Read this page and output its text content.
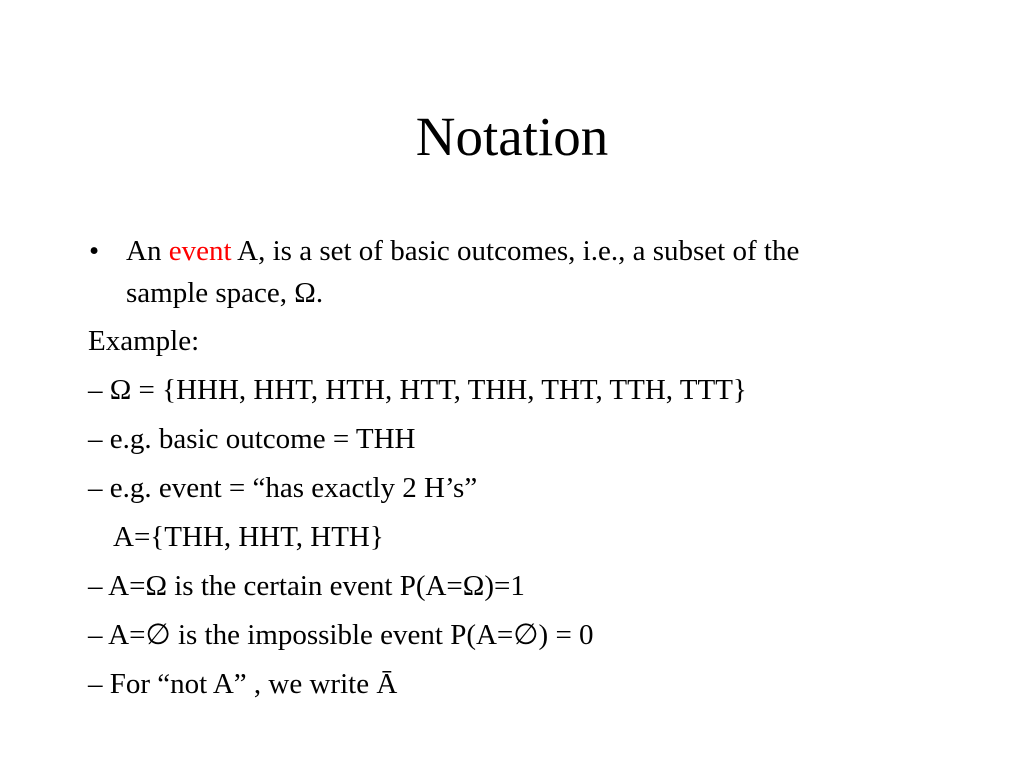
Notation
• An event A, is a set of basic outcomes, i.e., a subset of the
sample space, Ω.
Example:
– Ω = {HHH, HHT, HTH, HTT, THH, THT, TTH, TTT}
– e.g. basic outcome = THH
– e.g. event = “has exactly 2 H’s”
A={THH, HHT, HTH}
– A=Ω is the certain event P(A=Ω)=1
– A=∅ is the impossible event P(A=∅) = 0
– For “not A” , we write Ā
